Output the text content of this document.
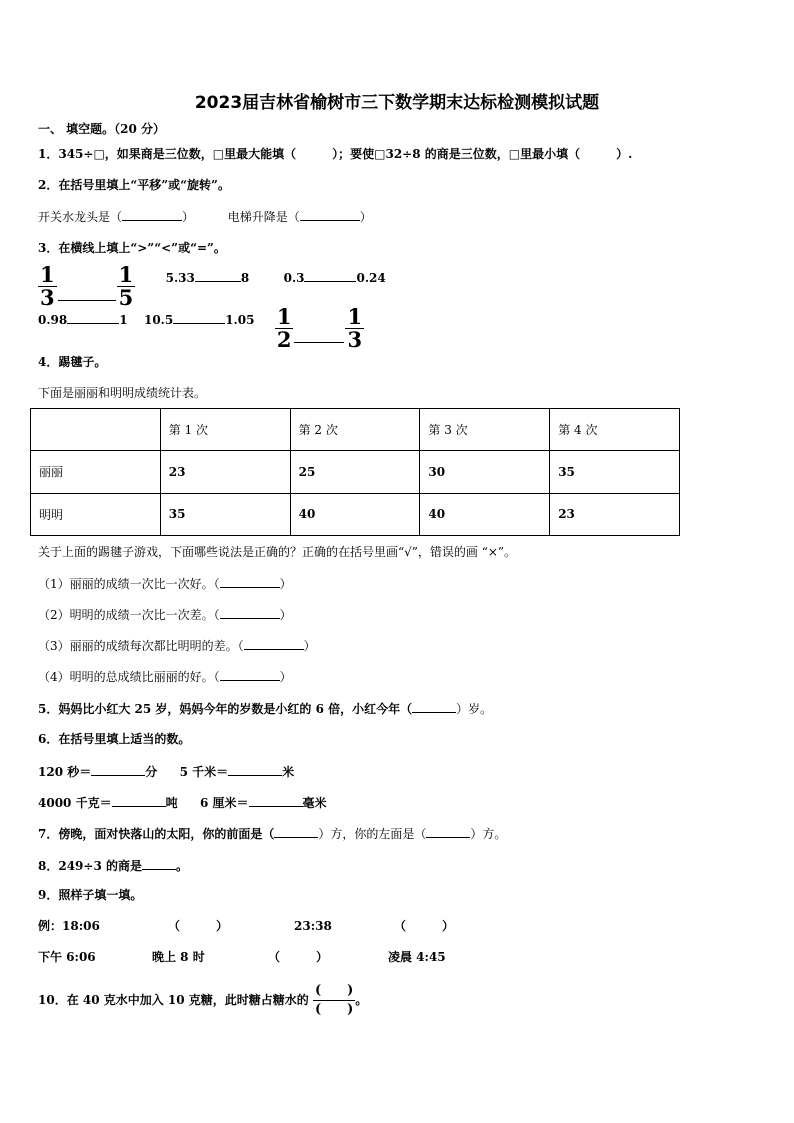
2023届吉林省榆树市三下数学期末达标检测模拟试题
一、 填空题。（20 分）
1．345÷□，如果商是三位数，□里最大能填（　　　）；要使□32÷8 的商是三位数，□里最小填（　　　）.
2．在括号里填上“平移”或“旋转”。
开关水龙头是（	）	电梯升降是（	）
3．在横线上填上“>”“<”或“=”。
$\frac{1}{3}$	$\frac{1}{5}$	5.33	8	0.3	0.24
0.98	1 10.5	$1.05 \frac{1}{2} \frac{1}{3}$
4．踢毽子。
下面是丽丽和明明成绩统计表。
	第 1 次	第 2 次	第 3 次	第 4 次
丽丽	23	25	30	35
明明	35	40	40	23
关于上面的踢毽子游戏，下面哪些说法是正确的？正确的在括号里画“√”，错误的画 “×”。
（1）丽丽的成绩一次比一次好。（	）
（2）明明的成绩一次比一次差。（	）
（3）丽丽的成绩每次都比明明的差。（	）
（4）明明的总成绩比丽丽的好。（	）
5．妈妈比小红大 25 岁，妈妈今年的岁数是小红的 6 倍，小红今年（	）岁。
6．在括号里填上适当的数。
120 秒＝	分 5 千米＝	米
4000 千克＝	吨 6 厘米＝	毫米
7．傍晚，面对快落山的太阳，你的前面是（	）方，你的左面是（	）方。
8．249÷3 的商是	。
9．照样子填一填。
例：18:06	（　　　）	23:38	（　　　）
下午 6:06	晚上 8 时	（　　　）	凌晨 4:45
10．在 40 克水中加入 10 克糖，此时糖占糖水的
(　　)
(　　)
。
